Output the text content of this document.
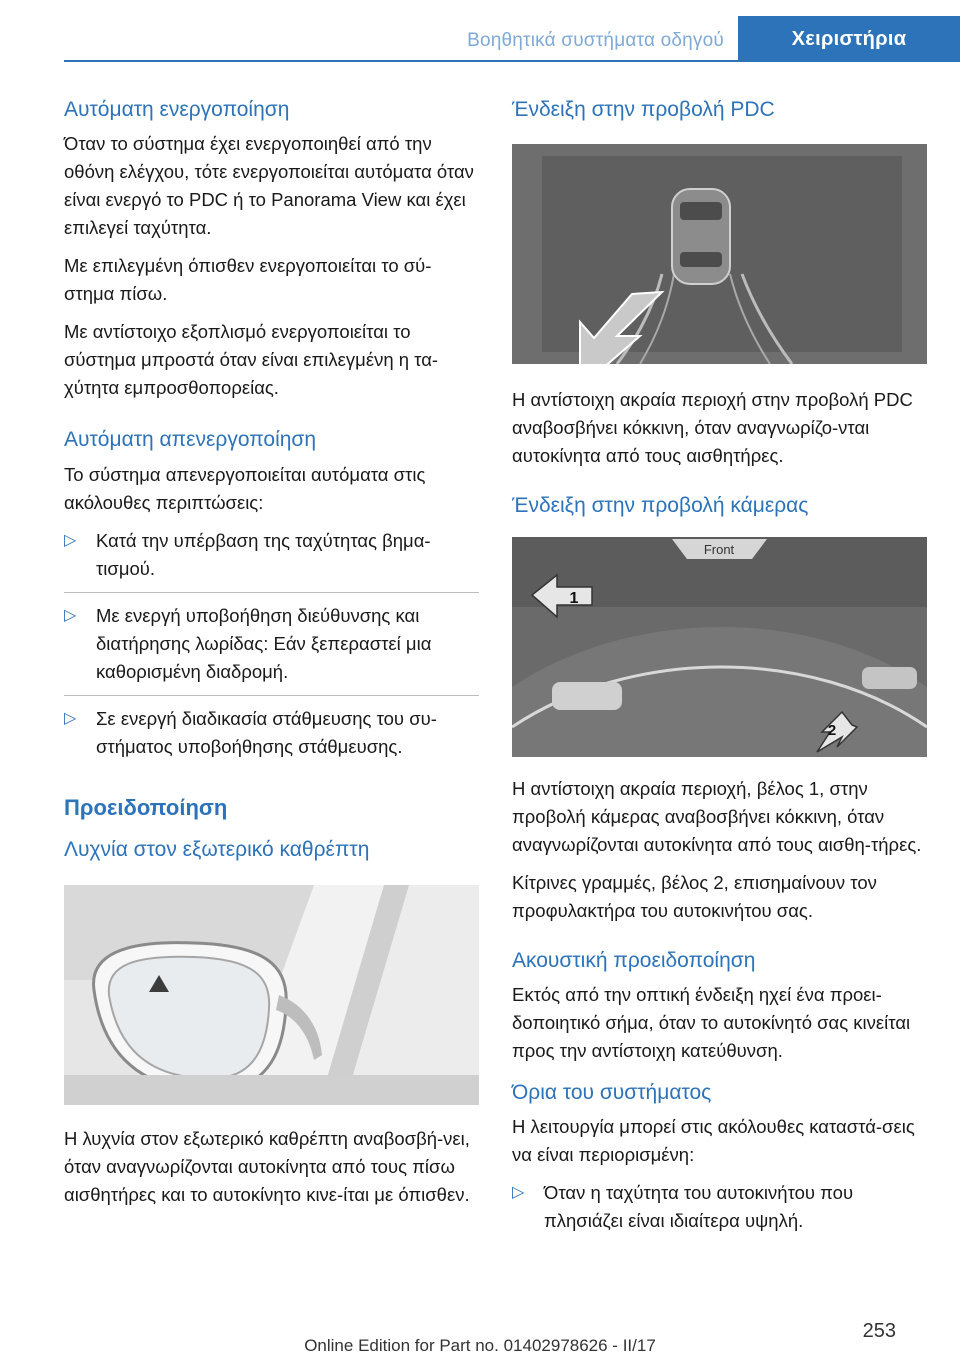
Βοηθητικά συστήματα οδηγού	Χειριστήρια
Αυτόματη ενεργοποίηση

Όταν το σύστημα έχει ενεργοποιηθεί από την οθόνη ελέγχου, τότε ενεργοποιείται αυτόματα όταν είναι ενεργό το PDC ή το Panorama View και έχει επιλεγεί ταχύτητα.

Με επιλεγμένη όπισθεν ενεργοποιείται το σύ-στημα πίσω.

Με αντίστοιχο εξοπλισμό ενεργοποιείται το σύστημα μπροστά όταν είναι επιλεγμένη η τα-χύτητα εμπροσθοπορείας.

Αυτόματη απενεργοποίηση

Το σύστημα απενεργοποιείται αυτόματα στις ακόλουθες περιπτώσεις:

▷ Κατά την υπέρβαση της ταχύτητας βημα-τισμού.
▷ Με ενεργή υποβοήθηση διεύθυνσης και διατήρησης λωρίδας: Εάν ξεπεραστεί μια καθορισμένη διαδρομή.
▷ Σε ενεργή διαδικασία στάθμευσης του συ-στήματος υποβοήθησης στάθμευσης.
Προειδοποίηση
Λυχνία στον εξωτερικό καθρέπτη

Η λυχνία στον εξωτερικό καθρέπτη αναβοσβή-νει, όταν αναγνωρίζονται αυτοκίνητα από τους πίσω αισθητήρες και το αυτοκίνητο κινε-ίται με όπισθεν.

Ένδειξη στην προβολή PDC

Η αντίστοιχη ακραία περιοχή στην προβολή PDC αναβοσβήνει κόκκινη, όταν αναγνωρίζο-νται αυτοκίνητα από τους αισθητήρες.

Ένδειξη στην προβολή κάμερας
Front
1
2

Η αντίστοιχη ακραία περιοχή, βέλος 1, στην προβολή κάμερας αναβοσβήνει κόκκινη, όταν αναγνωρίζονται αυτοκίνητα από τους αισθη-τήρες.

Κίτρινες γραμμές, βέλος 2, επισημαίνουν τον προφυλακτήρα του αυτοκινήτου σας.

Ακουστική προειδοποίηση

Εκτός από την οπτική ένδειξη ηχεί ένα προει-δοποιητικό σήμα, όταν το αυτοκίνητό σας κινείται προς την αντίστοιχη κατεύθυνση.

Όρια του συστήματος

Η λειτουργία μπορεί στις ακόλουθες καταστά-σεις να είναι περιορισμένη:

▷ Όταν η ταχύτητα του αυτοκινήτου που πλησιάζει είναι ιδιαίτερα υψηλή.
253
Online Edition for Part no. 01402978626 - II/17
